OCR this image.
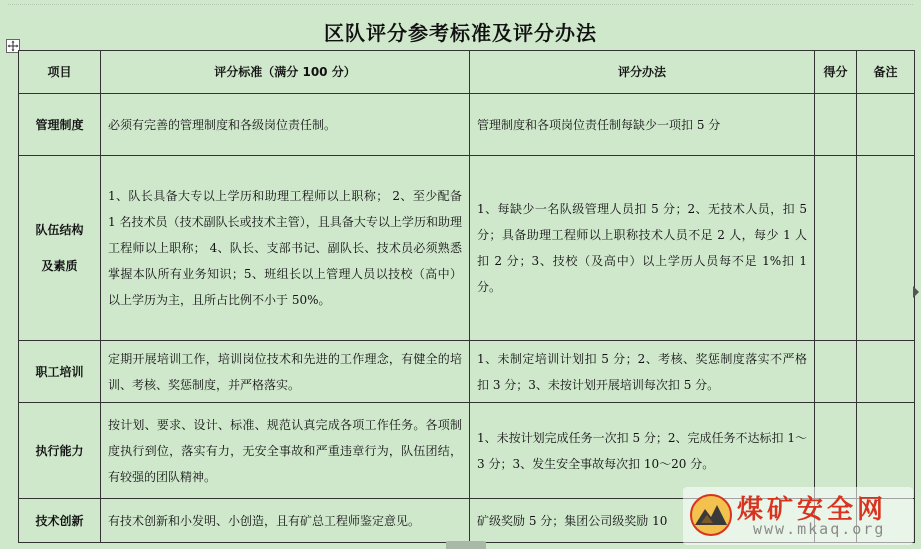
区队评分参考标准及评分办法
项目	评分标准（满分 100 分）	评分办法	得分	备注
管理制度	必须有完善的管理制度和各级岗位责任制。	管理制度和各项岗位责任制每缺少一项扣 5 分		
队伍结构
及素质	1、队长具备大专以上学历和助理工程师以上职称； 2、至少配备 1 名技术员（技术副队长或技术主管），且具备大专以上学历和助理工程师以上职称； 4、队长、支部书记、副队长、技术员必须熟悉掌握本队所有业务知识；5、班组长以上管理人员以技校（高中）以上学历为主，且所占比例不小于 50%。	1、每缺少一名队级管理人员扣 5 分；2、无技术人员，扣 5 分；具备助理工程师以上职称技术人员不足 2 人，每少 1 人扣 2 分；3、技校（及高中）以上学历人员每不足 1%扣 1 分。		
职工培训	定期开展培训工作，培训岗位技术和先进的工作理念，有健全的培训、考核、奖惩制度，并严格落实。	1、未制定培训计划扣 5 分；2、考核、奖惩制度落实不严格扣 3 分；3、未按计划开展培训每次扣 5 分。		
执行能力	按计划、要求、设计、标准、规范认真完成各项工作任务。各项制度执行到位，落实有力，无安全事故和严重违章行为，队伍团结，有较强的团队精神。	1、未按计划完成任务一次扣 5 分；2、完成任务不达标扣 1～3 分；3、发生安全事故每次扣 10～20 分。		
技术创新	有技术创新和小发明、小创造，且有矿总工程师鉴定意见。	矿级奖励 5 分；集团公司级奖励 10			煤矿安全网
www.mkaq.org
